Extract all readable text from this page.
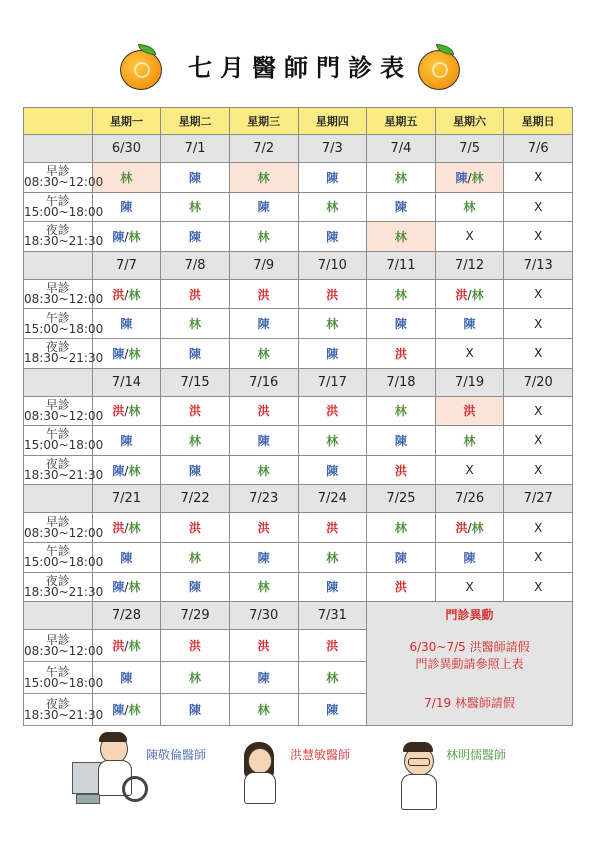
七月醫師門診表
	星期一	星期二	星期三	星期四	星期五	星期六	星期日
	6/30	7/1	7/2	7/3	7/4	7/5	7/6
早診
08:30~12:00	林	陳	林	陳	林	陳/林	X
午診
15:00~18:00	陳	林	陳	林	陳	林	X
夜診
18:30~21:30	陳/林	陳	林	陳	林	X	X
	7/7	7/8	7/9	7/10	7/11	7/12	7/13
早診
08:30~12:00	洪/林	洪	洪	洪	林	洪/林	X
午診
15:00~18:00	陳	林	陳	林	陳	陳	X
夜診
18:30~21:30	陳/林	陳	林	陳	洪	X	X
	7/14	7/15	7/16	7/17	7/18	7/19	7/20
早診
08:30~12:00	洪/林	洪	洪	洪	林	洪	X
午診
15:00~18:00	陳	林	陳	林	陳	林	X
夜診
18:30~21:30	陳/林	陳	林	陳	洪	X	X
	7/21	7/22	7/23	7/24	7/25	7/26	7/27
早診
08:30~12:00	洪/林	洪	洪	洪	林	洪/林	X
午診
15:00~18:00	陳	林	陳	林	陳	陳	X
夜診
18:30~21:30	陳/林	陳	林	陳	洪	X	X
	7/28	7/29	7/30	7/31	門診異動
6/30~7/5 洪醫師請假
門診異動請參照上表
7/19 林醫師請假		

早診
08:30~12:00	洪/林	洪	洪	洪			
午診
15:00~18:00	陳	林	陳	林			
夜診
18:30~21:30	陳/林	陳	林	陳			
陳敬倫醫師	洪慧敏醫師	林明儒醫師
